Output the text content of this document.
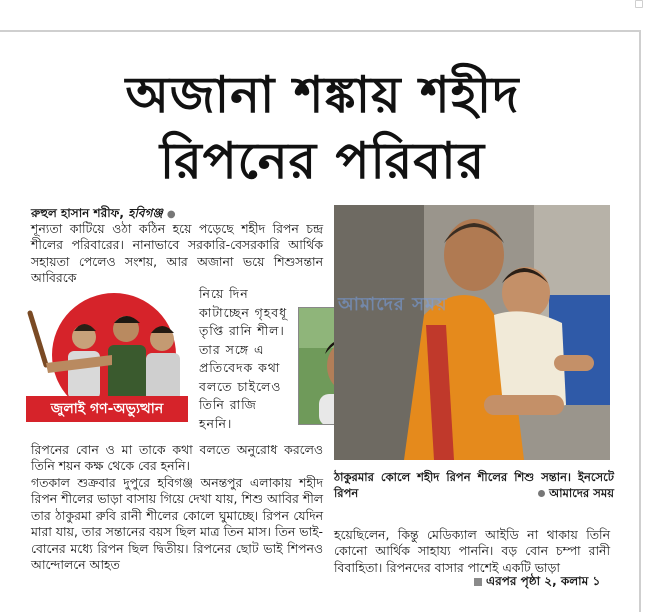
অজানা শঙ্কায় শহীদ
রিপনের পরিবার
রুহুল হাসান শরীফ, হবিগঞ্জ ●
শূন্যতা কাটিয়ে ওঠা কঠিন হয়ে পড়েছে শহীদ রিপন চন্দ্র শীলের পরিবারের। নানাভাবে সরকারি-বেসরকারি আর্থিক সহায়তা পেলেও সংশয়, আর অজানা ভয়ে শিশুসন্তান আবিরকে
জুলাই গণ-অভ্যুত্থান
নিয়ে দিন কাটাচ্ছেন গৃহবধূ তৃপ্তি রানি শীল। তার সঙ্গে এ প্রতিবেদক কথা বলতে চাইলেও তিনি রাজি হননি।
রিপনের বোন ও মা তাকে কথা বলতে অনুরোধ করলেও তিনি শয়ন কক্ষ থেকে বের হননি।
গতকাল শুক্রবার দুপুরে হবিগঞ্জ অনন্তপুর এলাকায় শহীদ রিপন শীলের ভাড়া বাসায় গিয়ে দেখা যায়, শিশু আবির শীল তার ঠাকুরমা রুবি রানী শীলের কোলে ঘুমাচ্ছে। রিপন যেদিন মারা যায়, তার সন্তানের বয়স ছিল মাত্র তিন মাস। তিন ভাই-বোনের মধ্যে রিপন ছিল দ্বিতীয়। রিপনের ছোট ভাই শিপনও আন্দোলনে আহত
আমাদের সময়
ঠাকুরমার কোলে শহীদ রিপন শীলের শিশু সন্তান। ইনসেটে রিপন	আমাদের সময়
হয়েছিলেন, কিন্তু মেডিক্যাল আইডি না থাকায় তিনি কোনো আর্থিক সাহায্য পাননি। বড় বোন চম্পা রানী বিবাহিতা। রিপনদের বাসার পাশেই একটি ভাড়া
এরপর পৃষ্ঠা ২, কলাম ১
